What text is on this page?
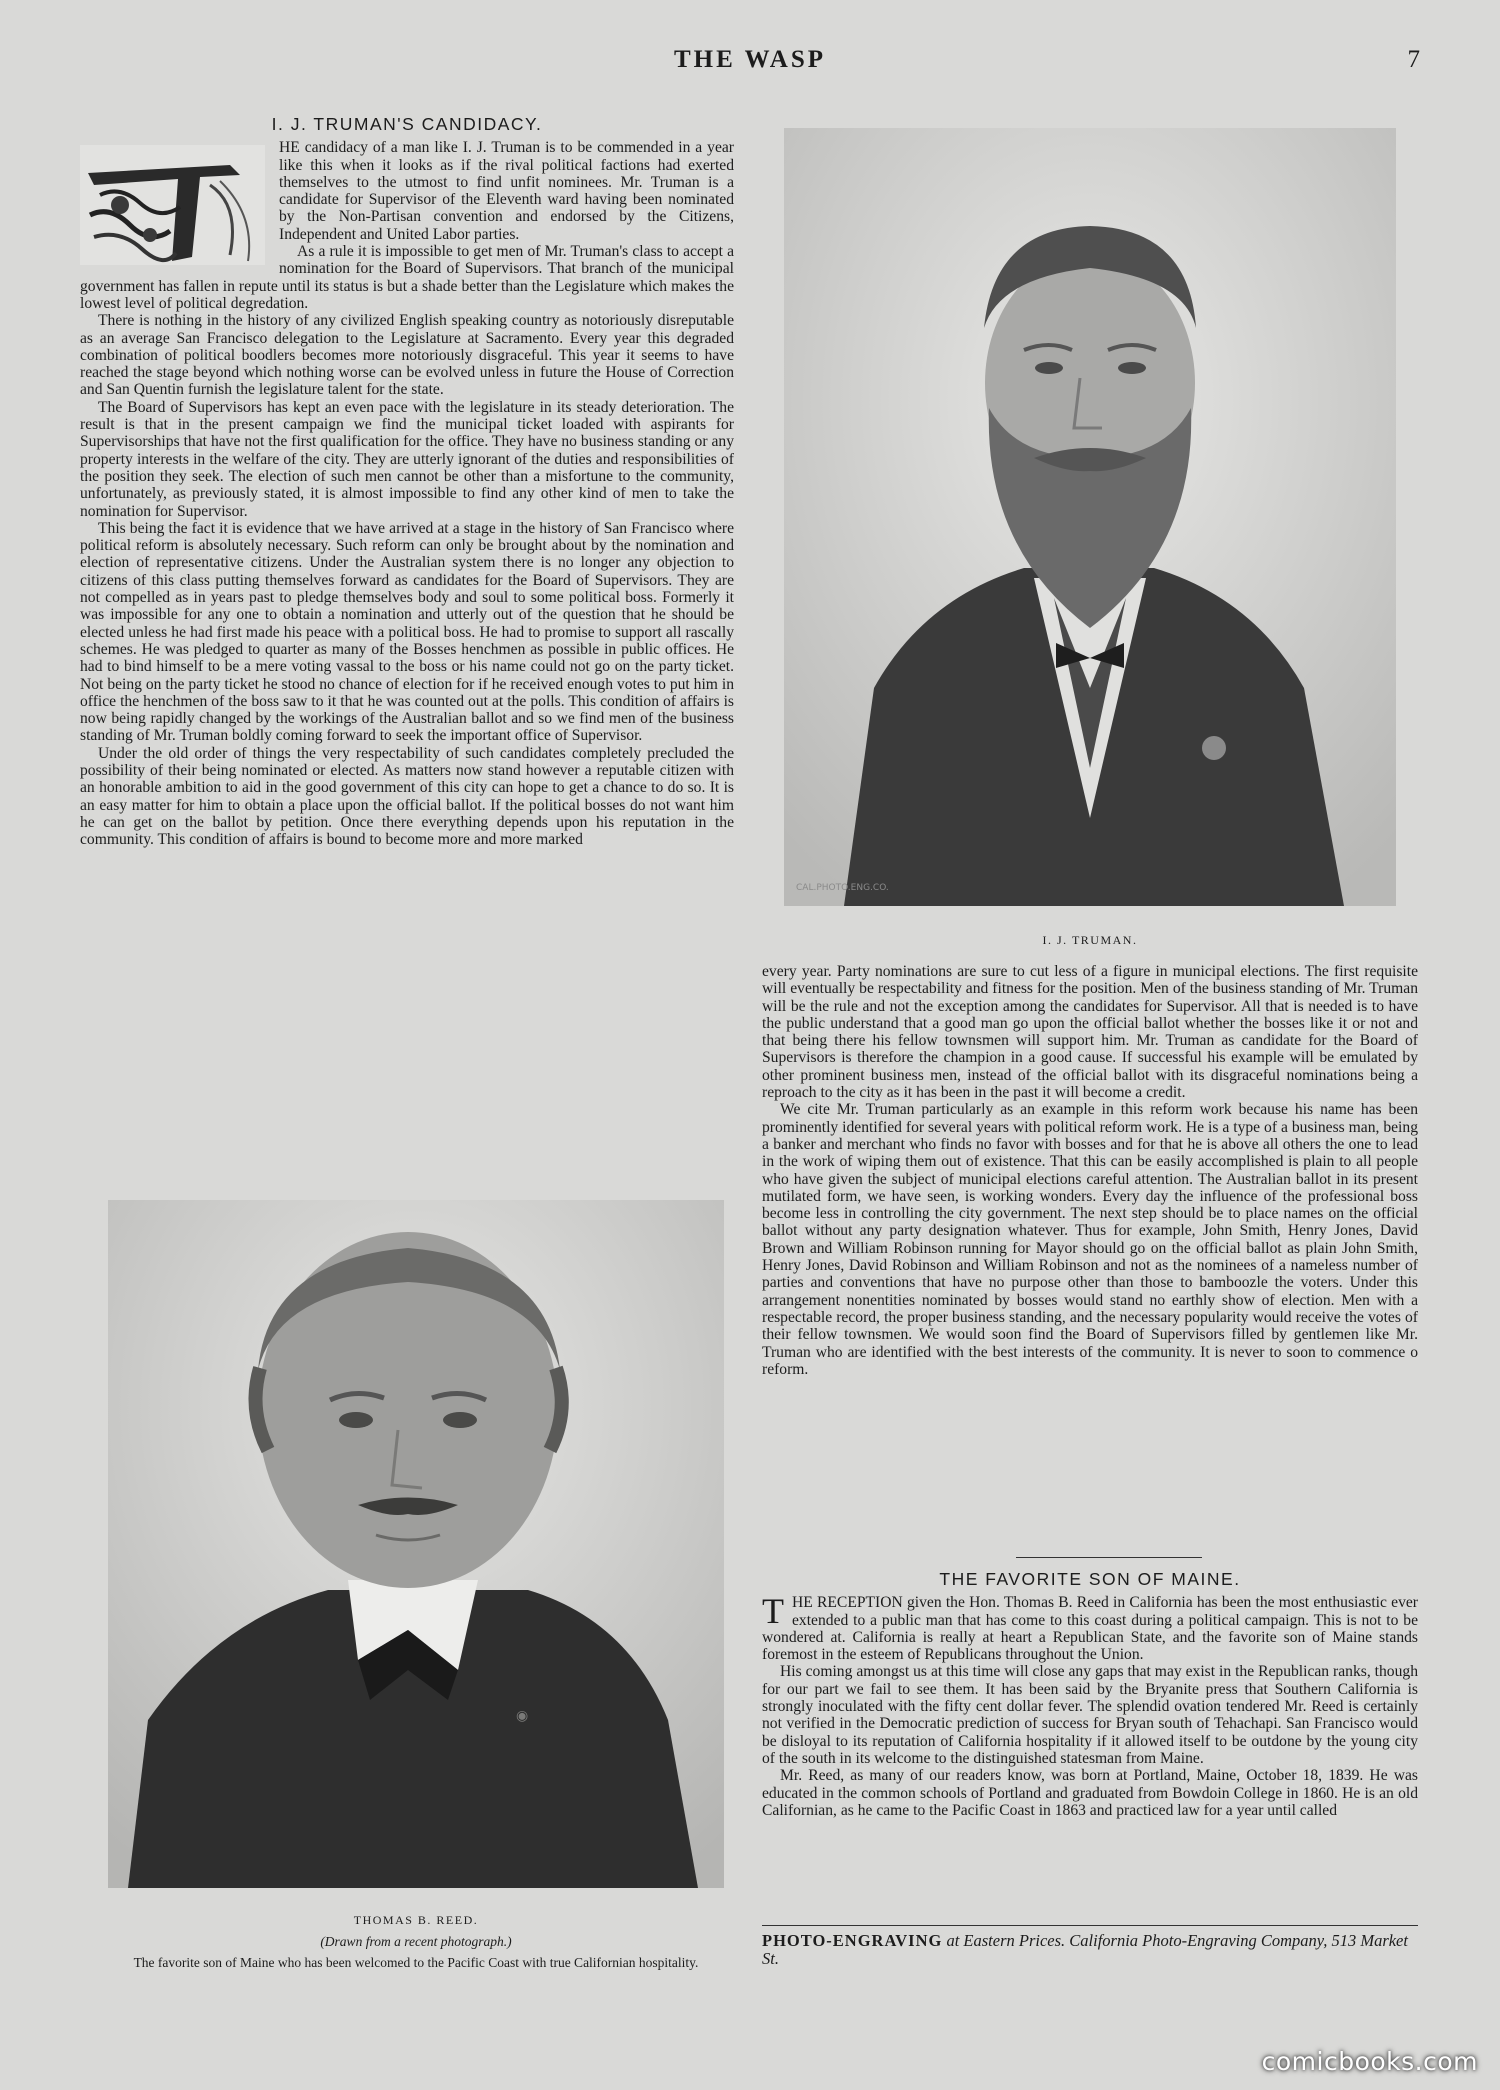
THE WASP	7
I. J. TRUMAN'S CANDIDACY.

HE candidacy of a man like I. J. Truman is to be commended in a year like this when it looks as if the rival political factions had exerted themselves to the utmost to find unfit nominees. Mr. Truman is a candidate for Supervisor of the Eleventh ward having been nominated by the Non-Partisan convention and endorsed by the Citizens, Independent and United Labor parties.

As a rule it is impossible to get men of Mr. Truman's class to accept a nomination for the Board of Supervisors. That branch of the municipal government has fallen in repute until its status is but a shade better than the Legislature which makes the lowest level of political degredation.

There is nothing in the history of any civilized English speaking country as notoriously disreputable as an average San Francisco delegation to the Legislature at Sacramento. Every year this degraded combination of political boodlers becomes more notoriously disgraceful. This year it seems to have reached the stage beyond which nothing worse can be evolved unless in future the House of Correction and San Quentin furnish the legislature talent for the state.

The Board of Supervisors has kept an even pace with the legislature in its steady deterioration. The result is that in the present campaign we find the municipal ticket loaded with aspirants for Supervisorships that have not the first qualification for the office. They have no business standing or any property interests in the welfare of the city. They are utterly ignorant of the duties and responsibilities of the position they seek. The election of such men cannot be other than a misfortune to the community, unfortunately, as previously stated, it is almost impossible to find any other kind of men to take the nomination for Supervisor.

This being the fact it is evidence that we have arrived at a stage in the history of San Francisco where political reform is absolutely necessary. Such reform can only be brought about by the nomination and election of representative citizens. Under the Australian system there is no longer any objection to citizens of this class putting themselves forward as candidates for the Board of Supervisors. They are not compelled as in years past to pledge themselves body and soul to some political boss. Formerly it was impossible for any one to obtain a nomination and utterly out of the question that he should be elected unless he had first made his peace with a political boss. He had to promise to support all rascally schemes. He was pledged to quarter as many of the Bosses henchmen as possible in public offices. He had to bind himself to be a mere voting vassal to the boss or his name could not go on the party ticket. Not being on the party ticket he stood no chance of election for if he received enough votes to put him in office the henchmen of the boss saw to it that he was counted out at the polls. This condition of affairs is now being rapidly changed by the workings of the Australian ballot and so we find men of the business standing of Mr. Truman boldly coming forward to seek the important office of Supervisor.

Under the old order of things the very respectability of such candidates completely precluded the possibility of their being nominated or elected. As matters now stand however a reputable citizen with an honorable ambition to aid in the good government of this city can hope to get a chance to do so. It is an easy matter for him to obtain a place upon the official ballot. If the political bosses do not want him he can get on the ballot by petition. Once there everything depends upon his reputation in the community. This condition of affairs is bound to become more and more marked

CAL.PHOTO.ENG.CO.
I. J. TRUMAN.

every year. Party nominations are sure to cut less of a figure in municipal elections. The first requisite will eventually be respectability and fitness for the position. Men of the business standing of Mr. Truman will be the rule and not the exception among the candidates for Supervisor. All that is needed is to have the public understand that a good man go upon the official ballot whether the bosses like it or not and that being there his fellow townsmen will support him. Mr. Truman as candidate for the Board of Supervisors is therefore the champion in a good cause. If successful his example will be emulated by other prominent business men, instead of the official ballot with its disgraceful nominations being a reproach to the city as it has been in the past it will become a credit.

We cite Mr. Truman particularly as an example in this reform work because his name has been prominently identified for several years with political reform work. He is a type of a business man, being a banker and merchant who finds no favor with bosses and for that he is above all others the one to lead in the work of wiping them out of existence. That this can be easily accomplished is plain to all people who have given the subject of municipal elections careful attention. The Australian ballot in its present mutilated form, we have seen, is working wonders. Every day the influence of the professional boss become less in controlling the city government. The next step should be to place names on the official ballot without any party designation whatever. Thus for example, John Smith, Henry Jones, David Brown and William Robinson running for Mayor should go on the official ballot as plain John Smith, Henry Jones, David Robinson and William Robinson and not as the nominees of a nameless number of parties and conventions that have no purpose other than those to bamboozle the voters. Under this arrangement nonentities nominated by bosses would stand no earthly show of election. Men with a respectable record, the proper business standing, and the necessary popularity would receive the votes of their fellow townsmen. We would soon find the Board of Supervisors filled by gentlemen like Mr. Truman who are identified with the best interests of the community. It is never to soon to commence o reform.

THE FAVORITE SON OF MAINE.

THE RECEPTION given the Hon. Thomas B. Reed in California has been the most enthusiastic ever extended to a public man that has come to this coast during a political campaign. This is not to be wondered at. California is really at heart a Republican State, and the favorite son of Maine stands foremost in the esteem of Republicans throughout the Union.

His coming amongst us at this time will close any gaps that may exist in the Republican ranks, though for our part we fail to see them. It has been said by the Bryanite press that Southern California is strongly inoculated with the fifty cent dollar fever. The splendid ovation tendered Mr. Reed is certainly not verified in the Democratic prediction of success for Bryan south of Tehachapi. San Francisco would be disloyal to its reputation of California hospitality if it allowed itself to be outdone by the young city of the south in its welcome to the distinguished statesman from Maine.

Mr. Reed, as many of our readers know, was born at Portland, Maine, October 18, 1839. He was educated in the common schools of Portland and graduated from Bowdoin College in 1860. He is an old Californian, as he came to the Pacific Coast in 1863 and practiced law for a year until called

PHOTO-ENGRAVING at Eastern Prices. California Photo-Engraving Company, 513 Market St.
◉
THOMAS B. REED.
(Drawn from a recent photograph.)
The favorite son of Maine who has been welcomed to the Pacific Coast with true Californian hospitality.
comicbooks.com
